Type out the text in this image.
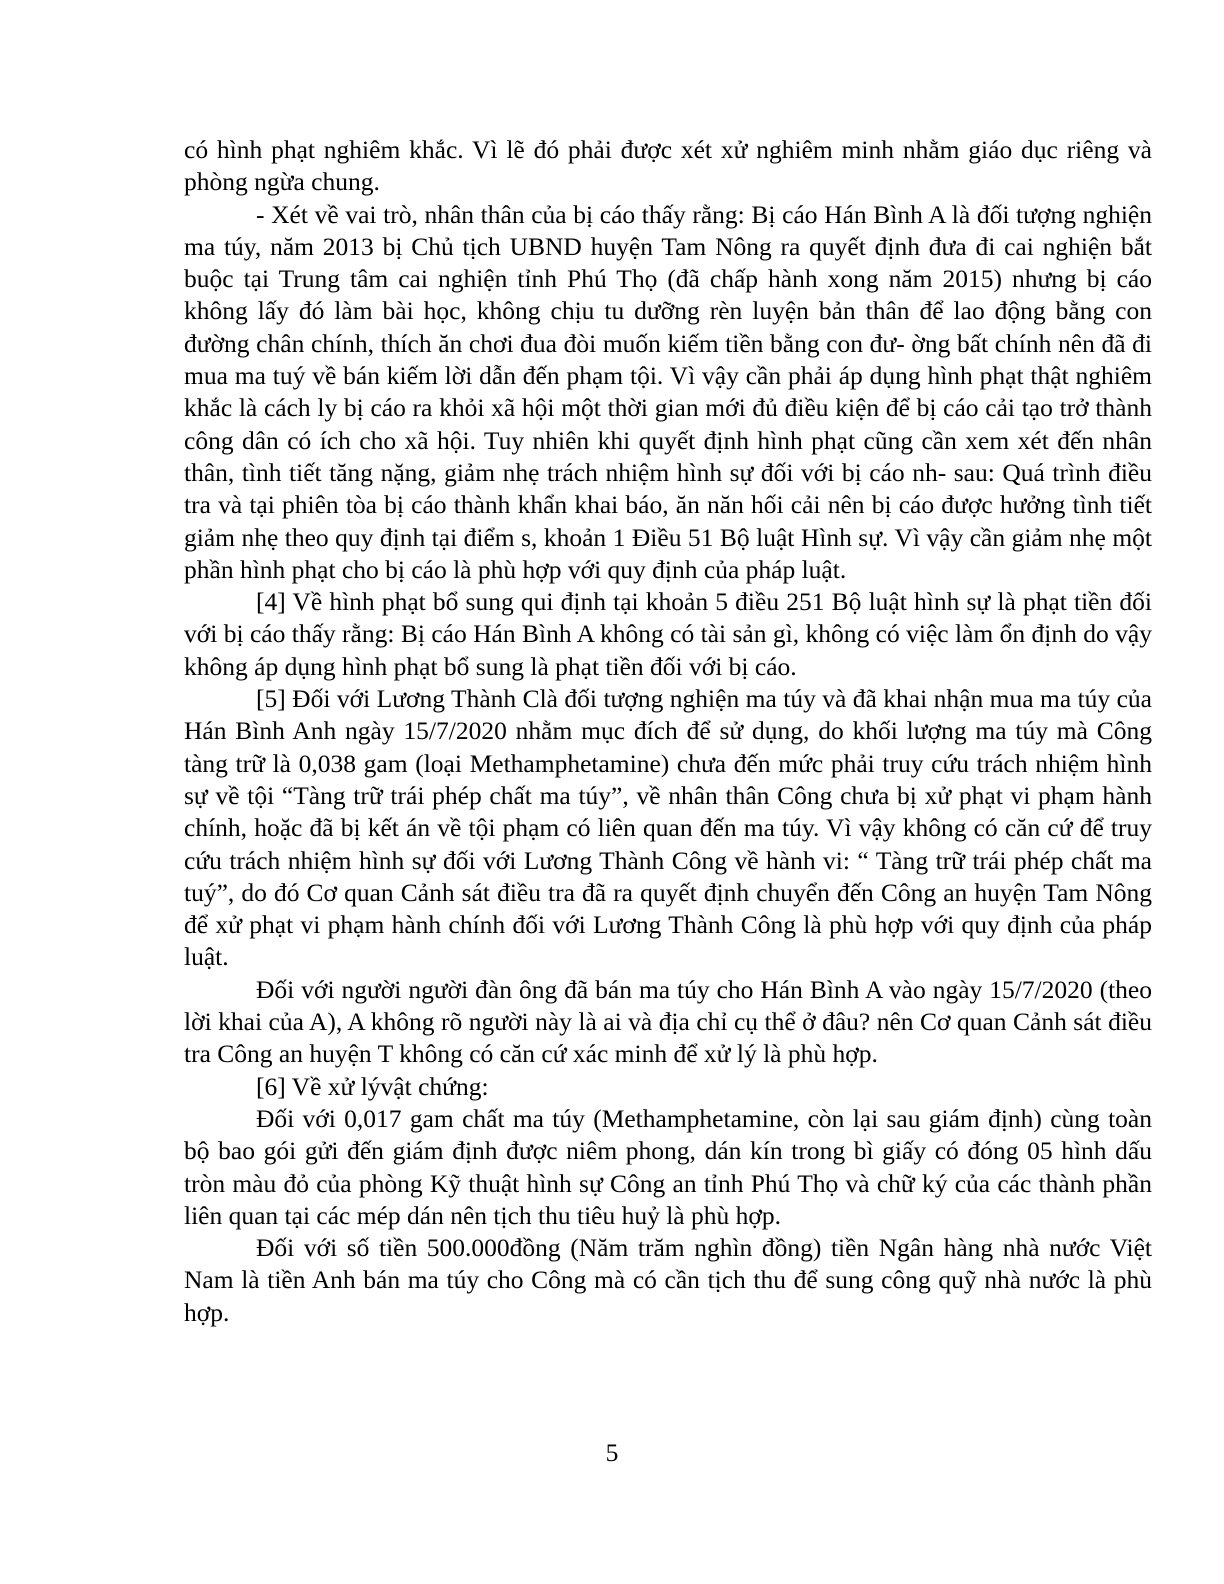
có hình phạt nghiêm khắc. Vì lẽ đó phải được xét xử nghiêm minh nhằm giáo dục riêng và phòng ngừa chung.

- Xét về vai trò, nhân thân của bị cáo thấy rằng: Bị cáo Hán Bình A là đối tượng nghiện ma túy, năm 2013 bị Chủ tịch UBND huyện Tam Nông ra quyết định đưa đi cai nghiện bắt buộc tại Trung tâm cai nghiện tỉnh Phú Thọ (đã chấp hành xong năm 2015) nhưng bị cáo không lấy đó làm bài học, không chịu tu dưỡng rèn luyện bản thân để lao động bằng con đường chân chính, thích ăn chơi đua đòi muốn kiếm tiền bằng con đư- ờng bất chính nên đã đi mua ma tuý về bán kiếm lời dẫn đến phạm tội. Vì vậy cần phải áp dụng hình phạt thật nghiêm khắc là cách ly bị cáo ra khỏi xã hội một thời gian mới đủ điều kiện để bị cáo cải tạo trở thành công dân có ích cho xã hội. Tuy nhiên khi quyết định hình phạt cũng cần xem xét đến nhân thân, tình tiết tăng nặng, giảm nhẹ trách nhiệm hình sự đối với bị cáo nh- sau: Quá trình điều tra và tại phiên tòa bị cáo thành khẩn khai báo, ăn năn hối cải nên bị cáo được hưởng tình tiết giảm nhẹ theo quy định tại điểm s, khoản 1 Điều 51 Bộ luật Hình sự. Vì vậy cần giảm nhẹ một phần hình phạt cho bị cáo là phù hợp với quy định của pháp luật.

[4] Về hình phạt bổ sung qui định tại khoản 5 điều 251 Bộ luật hình sự là phạt tiền đối với bị cáo thấy rằng: Bị cáo Hán Bình A không có tài sản gì, không có việc làm ổn định do vậy không áp dụng hình phạt bổ sung là phạt tiền đối với bị cáo.

[5] Đối với Lương Thành Clà đối tượng nghiện ma túy và đã khai nhận mua ma túy của Hán Bình Anh ngày 15/7/2020 nhằm mục đích để sử dụng, do khối lượng ma túy mà Công tàng trữ là 0,038 gam (loại Methamphetamine) chưa đến mức phải truy cứu trách nhiệm hình sự về tội “Tàng trữ trái phép chất ma túy”, về nhân thân Công chưa bị xử phạt vi phạm hành chính, hoặc đã bị kết án về tội phạm có liên quan đến ma túy. Vì vậy không có căn cứ để truy cứu trách nhiệm hình sự đối với Lương Thành Công về hành vi: “ Tàng trữ trái phép chất ma tuý”, do đó Cơ quan Cảnh sát điều tra đã ra quyết định chuyển đến Công an huyện Tam Nông để xử phạt vi phạm hành chính đối với Lương Thành Công là phù hợp với quy định của pháp luật.

Đối với người người đàn ông đã bán ma túy cho Hán Bình A vào ngày 15/7/2020 (theo lời khai của A), A không rõ người này là ai và địa chỉ cụ thể ở đâu? nên Cơ quan Cảnh sát điều tra Công an huyện T không có căn cứ xác minh để xử lý là phù hợp.

[6] Về xử lývật chứng:

Đối với 0,017 gam chất ma túy (Methamphetamine, còn lại sau giám định) cùng toàn bộ bao gói gửi đến giám định được niêm phong, dán kín trong bì giấy có đóng 05 hình dấu tròn màu đỏ của phòng Kỹ thuật hình sự Công an tỉnh Phú Thọ và chữ ký của các thành phần liên quan tại các mép dán nên tịch thu tiêu huỷ là phù hợp.

Đối với số tiền 500.000đồng (Năm trăm nghìn đồng) tiền Ngân hàng nhà nước Việt Nam là tiền Anh bán ma túy cho Công mà có cần tịch thu để sung công quỹ nhà nước là phù hợp.

5
